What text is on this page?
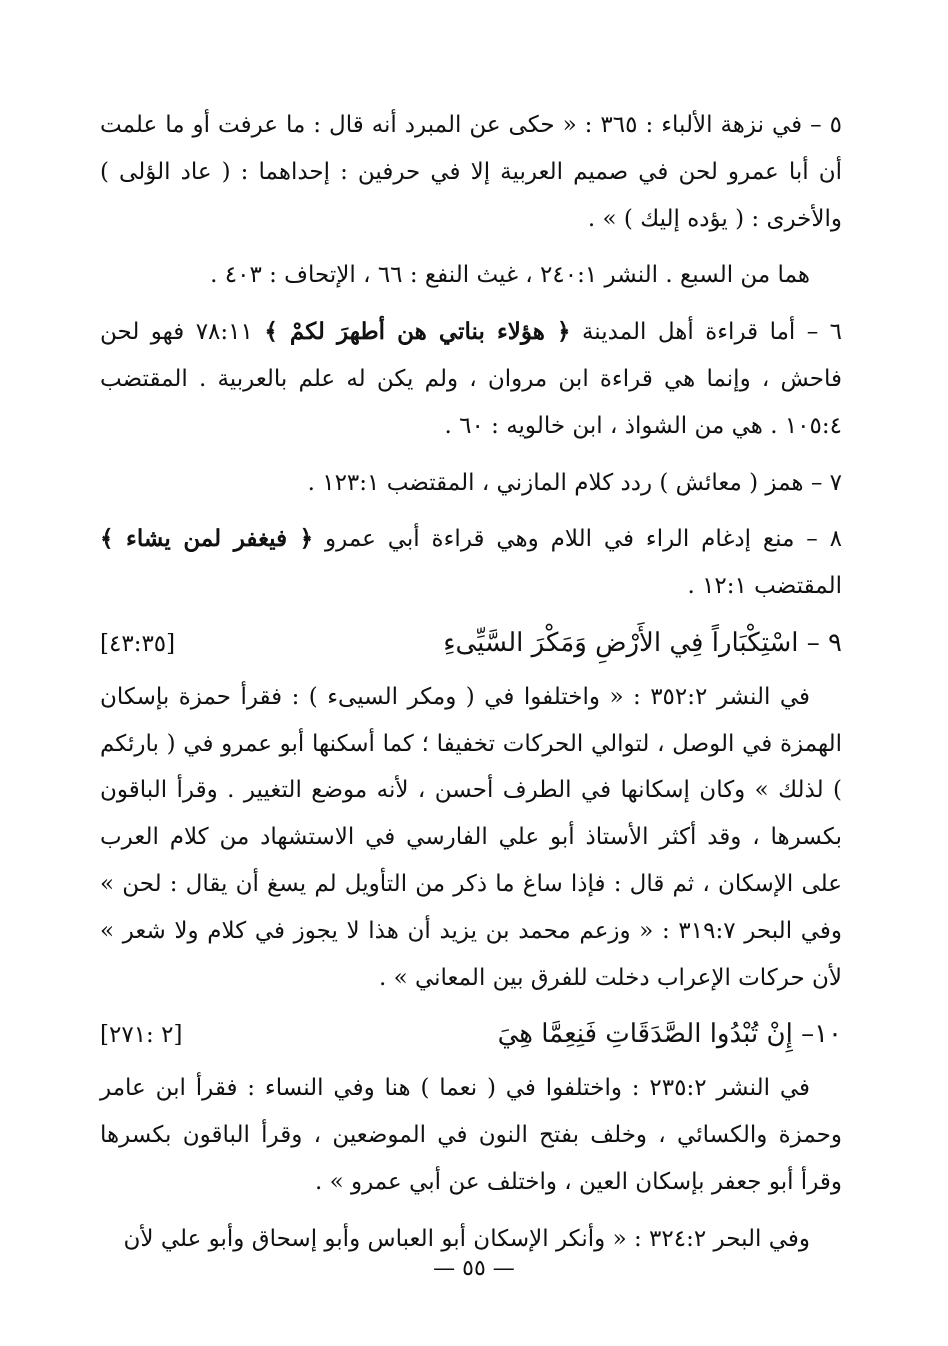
٥ – في نزهة الألباء : ٣٦٥ : « حكى عن المبرد أنه قال : ما عرفت أو ما علمت أن أبا عمرو لحن في صميم العربية إلا في حرفين : إحداهما : ( عاد الؤلى ) والأخرى : ( يؤده إليك ) » .

هما من السبع . النشر ٢٤٠:١ ، غيث النفع : ٦٦ ، الإتحاف : ٤٠٣ .

٦ – أما قراءة أهل المدينة ﴿ هؤلاء بناتي هن أطهرَ لكمْ ﴾ ٧٨:١١ فهو لحن فاحش ، وإنما هي قراءة ابن مروان ، ولم يكن له علم بالعربية . المقتضب ١٠٥:٤ . هي من الشواذ ، ابن خالويه : ٦٠ .

٧ – همز ( معائش ) ردد كلام المازني ، المقتضب ١٢٣:١ .

٨ – منع إدغام الراء في اللام وهي قراءة أبي عمرو ﴿ فيغفر لمن يشاء ﴾ المقتضب ١٢:١ .

٩ – اسْتِكْبَاراً فِي الأَرْضِ وَمَكْرَ السَّيِّىءِ
[٤٣:٣٥]

في النشر ٣٥٢:٢ : « واختلفوا في ( ومكر السيىء ) : فقرأ حمزة بإسكان الهمزة في الوصل ، لتوالي الحركات تخفيفا ؛ كما أسكنها أبو عمرو في ( بارئكم ) لذلك » وكان إسكانها في الطرف أحسن ، لأنه موضع التغيير . وقرأ الباقون بكسرها ، وقد أكثر الأستاذ أبو علي الفارسي في الاستشهاد من كلام العرب على الإسكان ، ثم قال : فإذا ساغ ما ذكر من التأويل لم يسغ أن يقال : لحن » وفي البحر ٣١٩:٧ : « وزعم محمد بن يزيد أن هذا لا يجوز في كلام ولا شعر » لأن حركات الإعراب دخلت للفرق بين المعاني » .

١٠– إِنْ تُبْدُوا الصَّدَقَاتِ فَنِعِمَّا هِيَ
[٢ :٢٧١]

في النشر ٢٣٥:٢ : واختلفوا في ( نعما ) هنا وفي النساء : فقرأ ابن عامر وحمزة والكسائي ، وخلف بفتح النون في الموضعين ، وقرأ الباقون بكسرها وقرأ أبو جعفر بإسكان العين ، واختلف عن أبي عمرو » .

وفي البحر ٣٢٤:٢ : « وأنكر الإسكان أبو العباس وأبو إسحاق وأبو علي لأن

— ٥٥ —
